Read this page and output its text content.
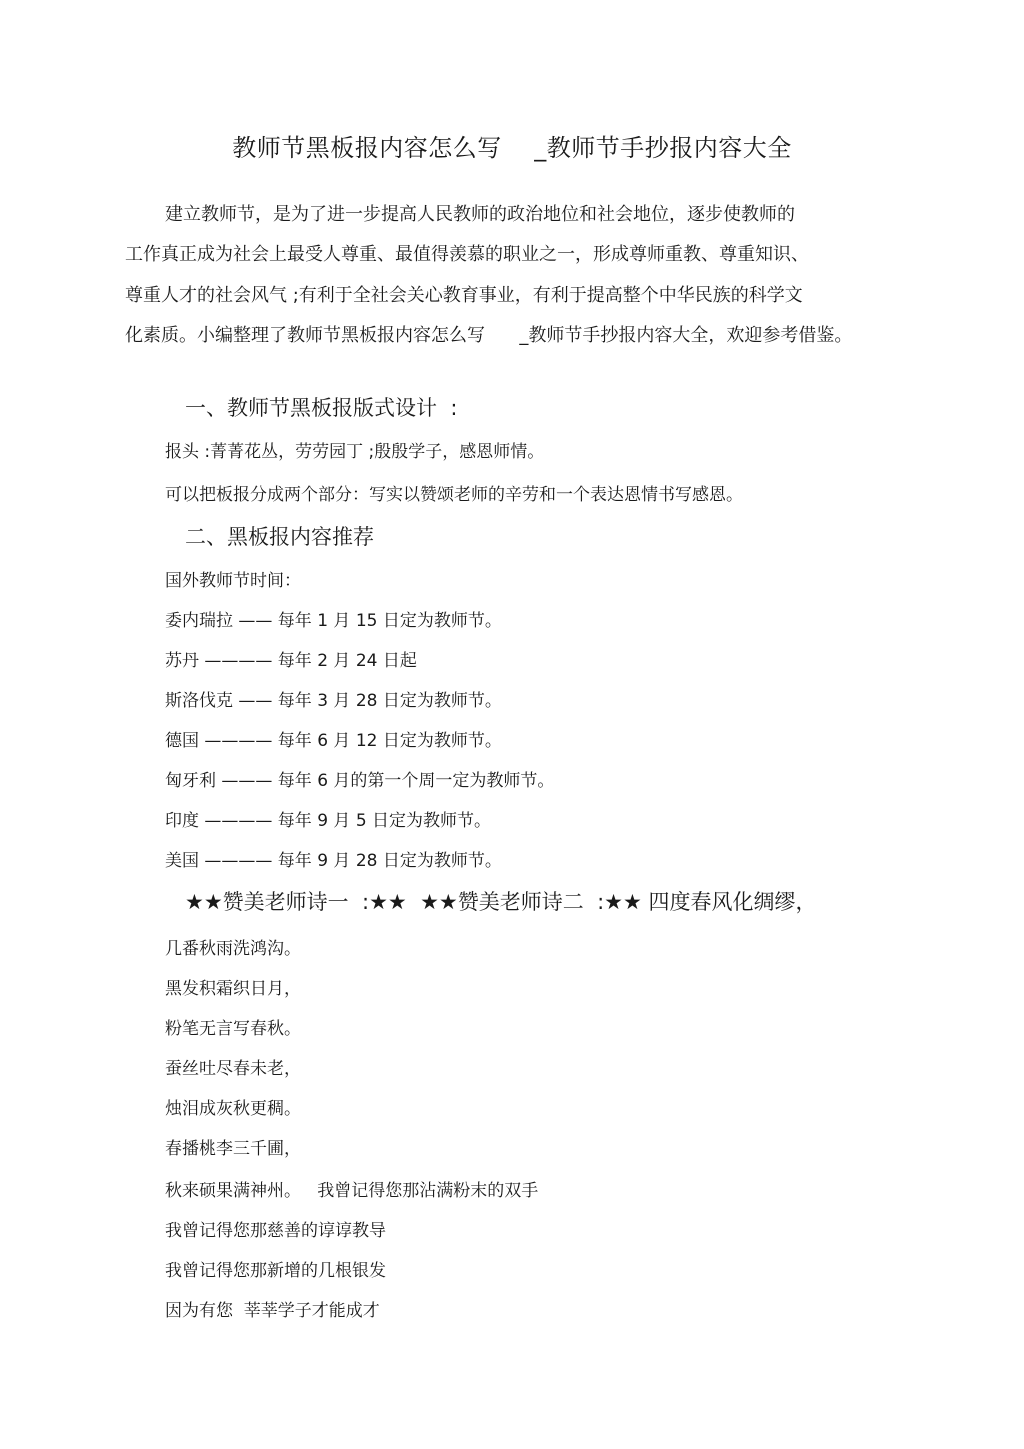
教师节黑板报内容怎么写    _教师节手抄报内容大全
建立教师节，是为了进一步提高人民教师的政治地位和社会地位，逐步使教师的
工作真正成为社会上最受人尊重、最值得羡慕的职业之一，形成尊师重教、尊重知识、
尊重人才的社会风气 ;有利于全社会关心教育事业，有利于提高整个中华民族的科学文
化素质。小编整理了教师节黑板报内容怎么写      _教师节手抄报内容大全，欢迎参考借鉴。
一、教师节黑板报版式设计  :
报头 :菁菁花丛，劳劳园丁 ;殷殷学子，感恩师情。
可以把板报分成两个部分：写实以赞颂老师的辛劳和一个表达恩情书写感恩。
二、黑板报内容推荐
国外教师节时间：
委内瑞拉 —— 每年 1 月 15 日定为教师节。
苏丹 ———— 每年 2 月 24 日起
斯洛伐克 —— 每年 3 月 28 日定为教师节。
德国 ———— 每年 6 月 12 日定为教师节。
匈牙利 ——— 每年 6 月的第一个周一定为教师节。
印度 ———— 每年 9 月 5 日定为教师节。
美国 ———— 每年 9 月 28 日定为教师节。
★★赞美老师诗一  :★★  ★★赞美老师诗二  :★★ 四度春风化绸缪，
几番秋雨洗鸿沟。
黑发积霜织日月，
粉笔无言写春秋。
蚕丝吐尽春未老，
烛泪成灰秋更稠。
春播桃李三千圃，
秋来硕果满神州。   我曾记得您那沾满粉末的双手
我曾记得您那慈善的谆谆教导
我曾记得您那新增的几根银发
因为有您  莘莘学子才能成才
